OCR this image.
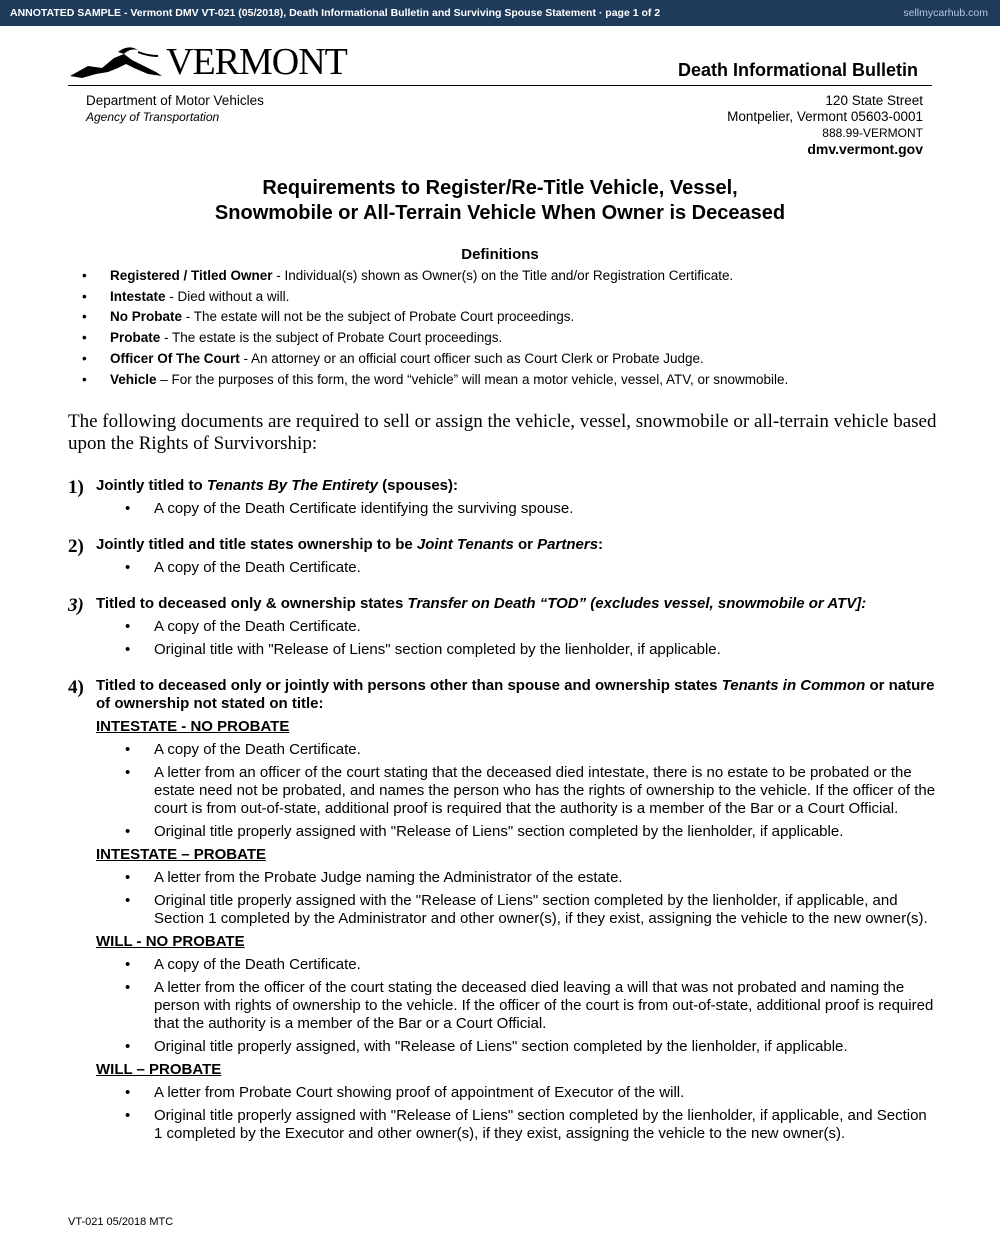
ANNOTATED SAMPLE - Vermont DMV VT-021 (05/2018), Death Informational Bulletin and Surviving Spouse Statement · page 1 of 2	sellmycarhub.com
VERMONT	Death Informational Bulletin
Department of Motor Vehicles
Agency of Transportation
120 State Street
Montpelier, Vermont 05603-0001
888.99-VERMONT
dmv.vermont.gov
Requirements to Register/Re-Title Vehicle, Vessel,
Snowmobile or All-Terrain Vehicle When Owner is Deceased
Definitions
• Registered / Titled Owner - Individual(s) shown as Owner(s) on the Title and/or Registration Certificate.
• Intestate - Died without a will.
• No Probate - The estate will not be the subject of Probate Court proceedings.
• Probate - The estate is the subject of Probate Court proceedings.
• Officer Of The Court - An attorney or an official court officer such as Court Clerk or Probate Judge.
• Vehicle – For the purposes of this form, the word “vehicle” will mean a motor vehicle, vessel, ATV, or snowmobile.
The following documents are required to sell or assign the vehicle, vessel, snowmobile or all-terrain vehicle based upon the Rights of Survivorship:
1) Jointly titled to Tenants By The Entirety (spouses):
• A copy of the Death Certificate identifying the surviving spouse.
2) Jointly titled and title states ownership to be Joint Tenants or Partners:
• A copy of the Death Certificate.
3) Titled to deceased only & ownership states Transfer on Death “TOD” (excludes vessel, snowmobile or ATV]:
• A copy of the Death Certificate.
• Original title with "Release of Liens" section completed by the lienholder, if applicable.
4) Titled to deceased only or jointly with persons other than spouse and ownership states Tenants in Common or nature of ownership not stated on title:
INTESTATE - NO PROBATE
• A copy of the Death Certificate.
• A letter from an officer of the court stating that the deceased died intestate, there is no estate to be probated or the estate need not be probated, and names the person who has the rights of ownership to the vehicle. If the officer of the court is from out-of-state, additional proof is required that the authority is a member of the Bar or a Court Official.
• Original title properly assigned with "Release of Liens" section completed by the lienholder, if applicable.
INTESTATE – PROBATE
• A letter from the Probate Judge naming the Administrator of the estate.
• Original title properly assigned with the "Release of Liens" section completed by the lienholder, if applicable, and Section 1 completed by the Administrator and other owner(s), if they exist, assigning the vehicle to the new owner(s).
WILL - NO PROBATE
• A copy of the Death Certificate.
• A letter from the officer of the court stating the deceased died leaving a will that was not probated and naming the person with rights of ownership to the vehicle. If the officer of the court is from out-of-state, additional proof is required that the authority is a member of the Bar or a Court Official.
• Original title properly assigned, with "Release of Liens" section completed by the lienholder, if applicable.
WILL – PROBATE
• A letter from Probate Court showing proof of appointment of Executor of the will.
• Original title properly assigned with "Release of Liens" section completed by the lienholder, if applicable, and Section 1 completed by the Executor and other owner(s), if they exist, assigning the vehicle to the new owner(s).
VT-021 05/2018 MTC
